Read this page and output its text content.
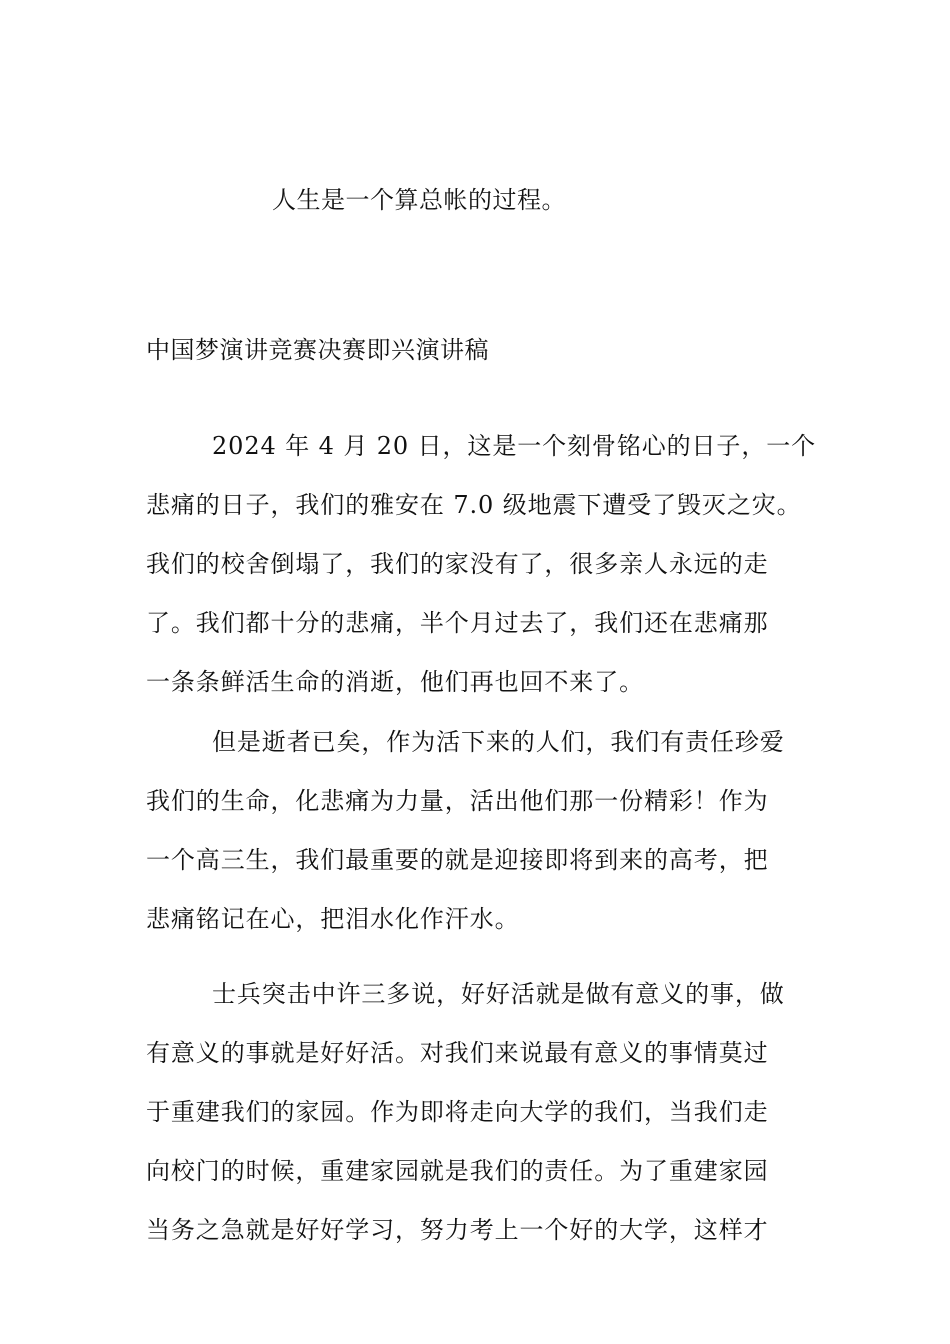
人生是一个算总帐的过程。
中国梦演讲竞赛决赛即兴演讲稿
2024 年 4 月 20 日，这是一个刻骨铭心的日子，一个
悲痛的日子，我们的雅安在 7.0 级地震下遭受了毁灭之灾。
我们的校舍倒塌了，我们的家没有了，很多亲人永远的走
了。我们都十分的悲痛，半个月过去了，我们还在悲痛那
一条条鲜活生命的消逝，他们再也回不来了。
但是逝者已矣，作为活下来的人们，我们有责任珍爱
我们的生命，化悲痛为力量，活出他们那一份精彩！作为
一个高三生，我们最重要的就是迎接即将到来的高考，把
悲痛铭记在心，把泪水化作汗水。
士兵突击中许三多说，好好活就是做有意义的事，做
有意义的事就是好好活。对我们来说最有意义的事情莫过
于重建我们的家园。作为即将走向大学的我们，当我们走
向校门的时候，重建家园就是我们的责任。为了重建家园
当务之急就是好好学习，努力考上一个好的大学，这样才
